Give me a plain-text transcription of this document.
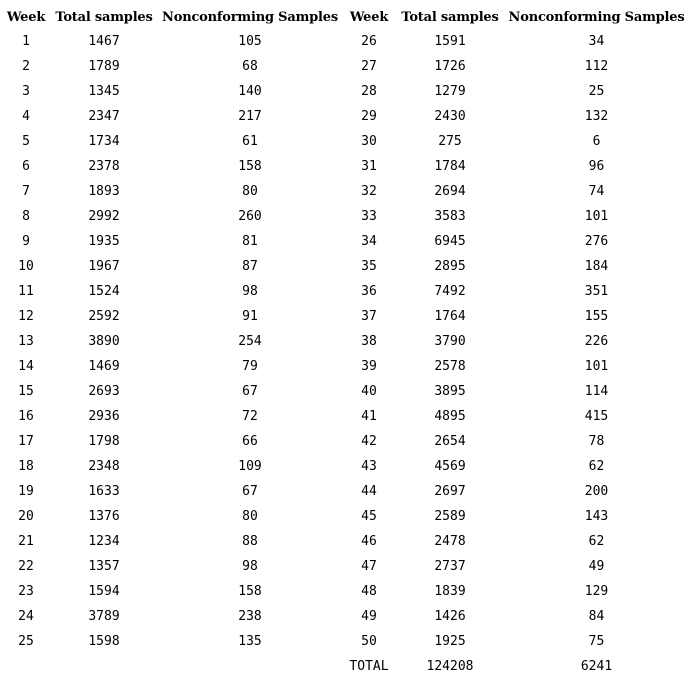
Week	Total samples	Nonconforming Samples	Week	Total samples	Nonconforming Samples
1	1467	105	26	1591	34
2	1789	68	27	1726	112
3	1345	140	28	1279	25
4	2347	217	29	2430	132
5	1734	61	30	275	6
6	2378	158	31	1784	96
7	1893	80	32	2694	74
8	2992	260	33	3583	101
9	1935	81	34	6945	276
10	1967	87	35	2895	184
11	1524	98	36	7492	351
12	2592	91	37	1764	155
13	3890	254	38	3790	226
14	1469	79	39	2578	101
15	2693	67	40	3895	114
16	2936	72	41	4895	415
17	1798	66	42	2654	78
18	2348	109	43	4569	62
19	1633	67	44	2697	200
20	1376	80	45	2589	143
21	1234	88	46	2478	62
22	1357	98	47	2737	49
23	1594	158	48	1839	129
24	3789	238	49	1426	84
25	1598	135	50	1925	75
			TOTAL	124208	6241
